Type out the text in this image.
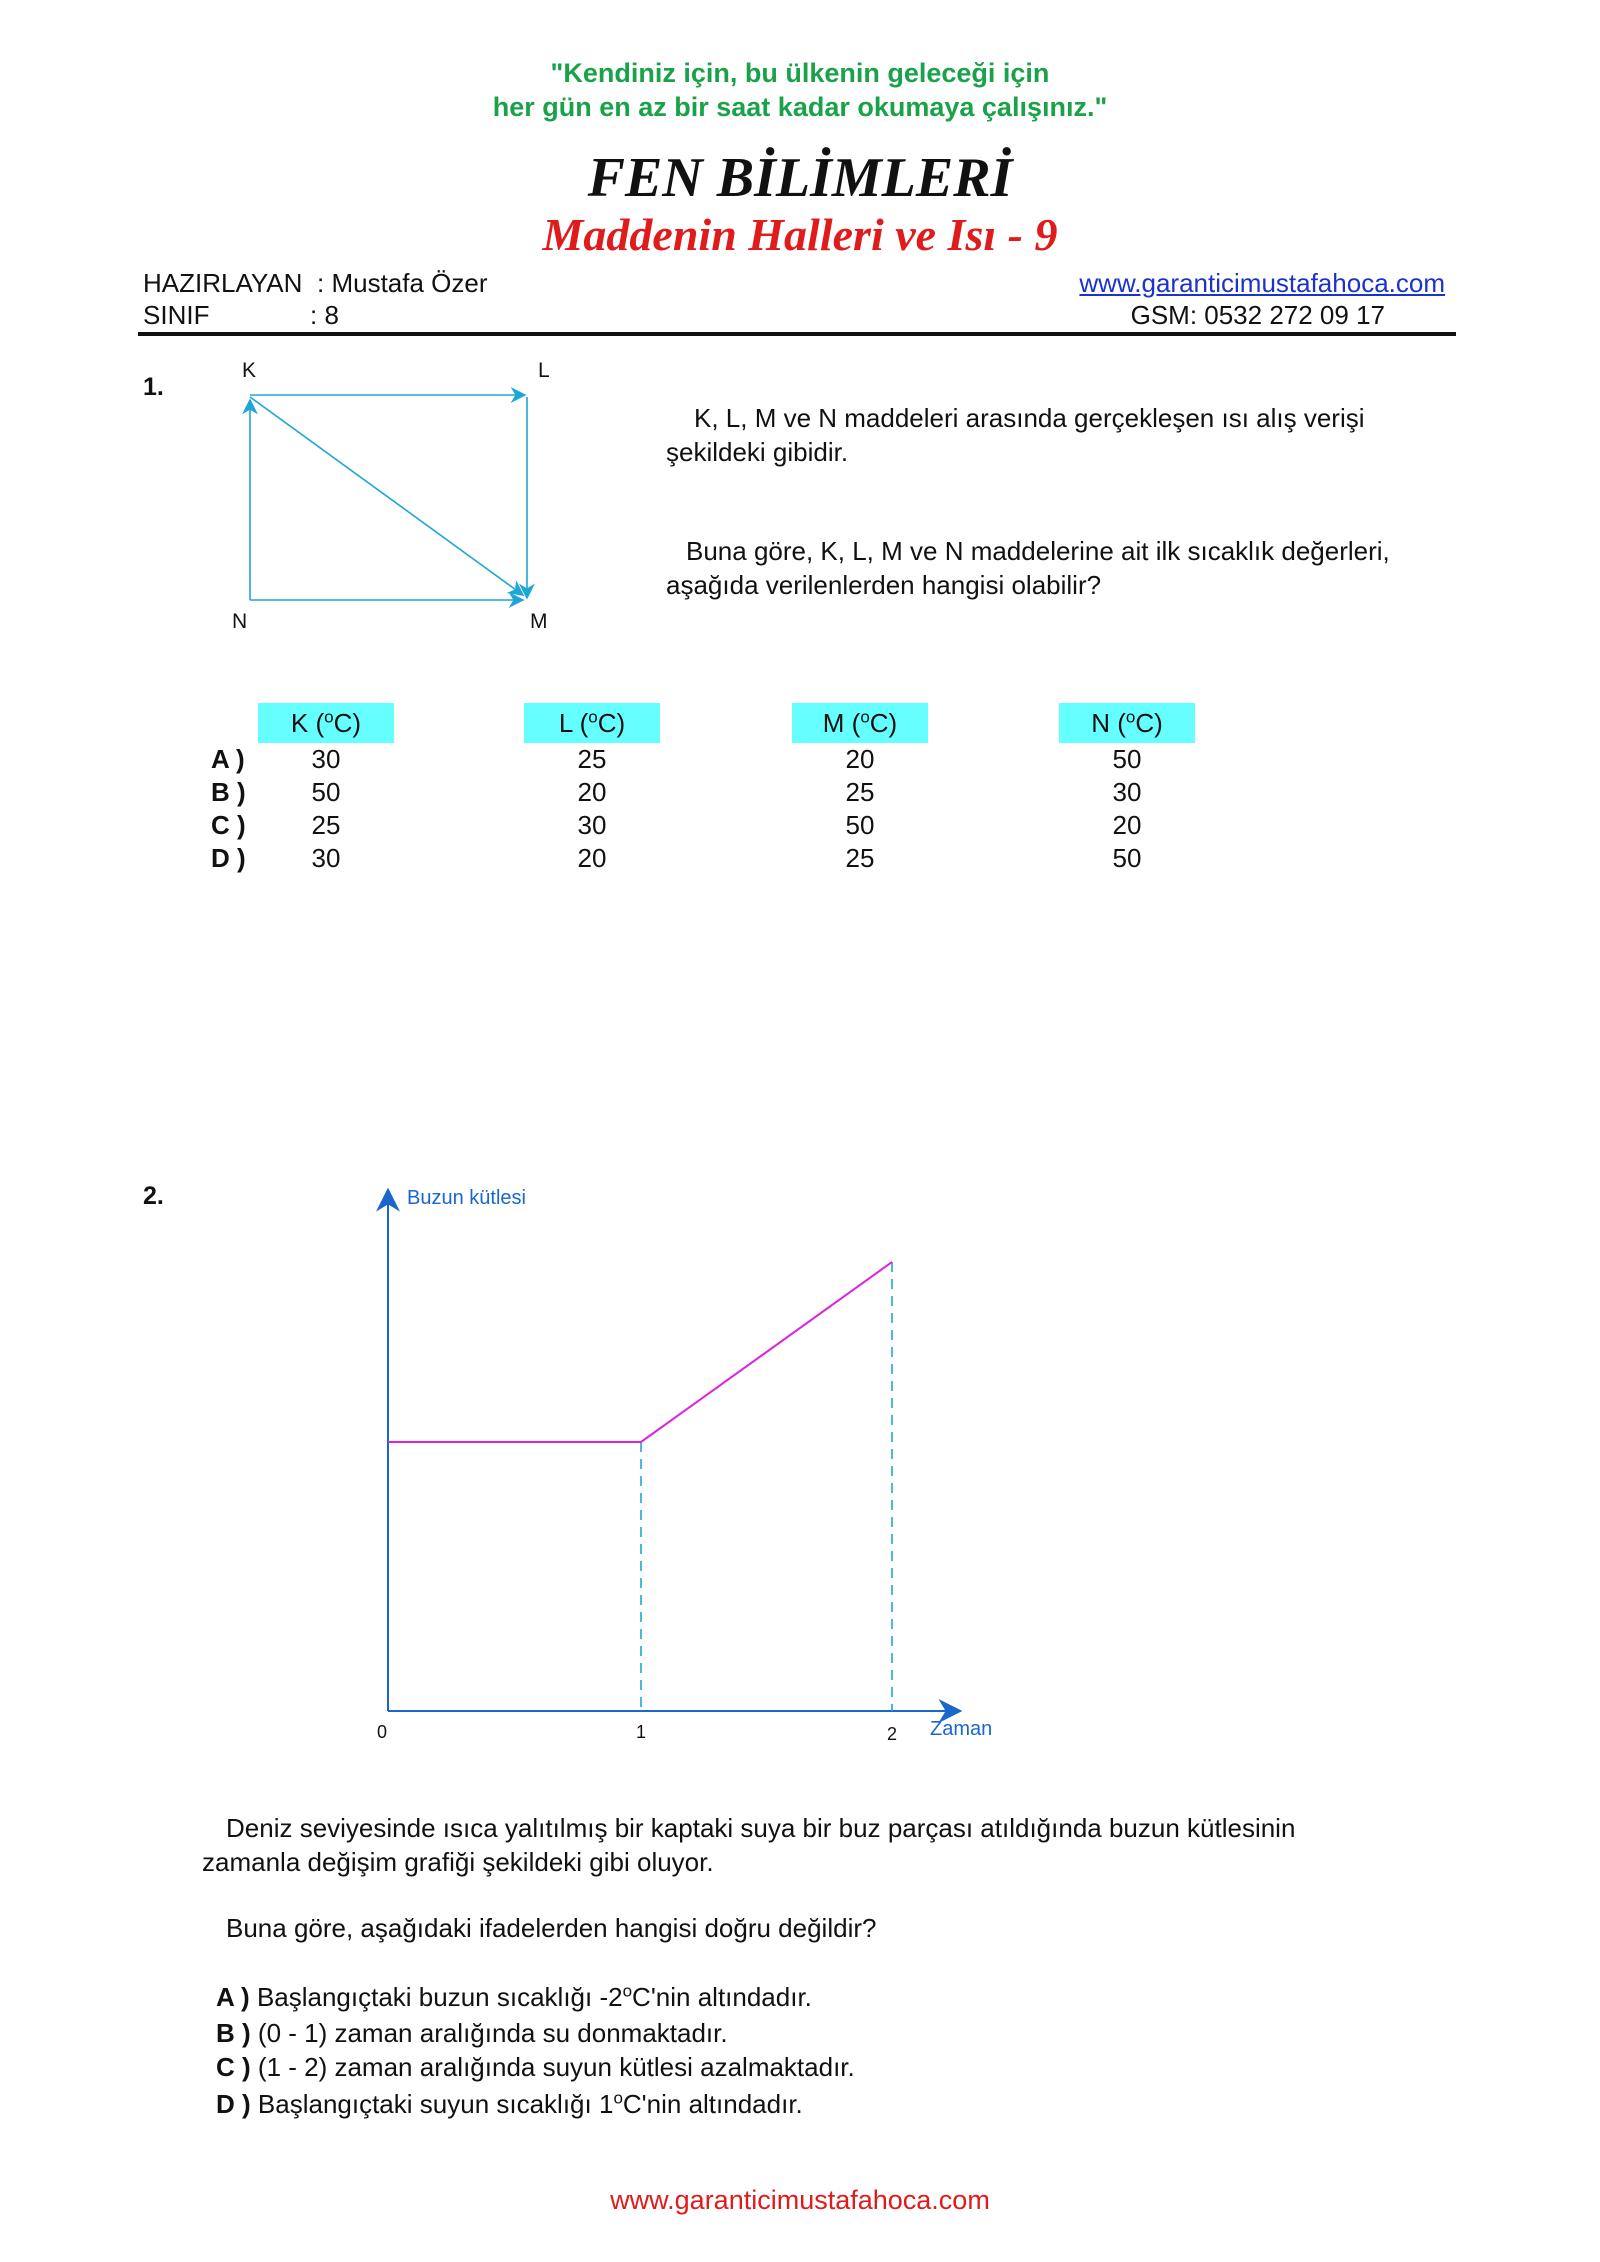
"Kendiniz için, bu ülkenin geleceği için
her gün en az bir saat kadar okumaya çalışınız."
FEN BİLİMLERİ
Maddenin Halleri ve Isı - 9
HAZIRLAYAN : Mustafa Özer
SINIF	: 8
www.garanticimustafahoca.com
GSM: 0532 272 09 17
1.
K	L
N	M
K, L, M ve N maddeleri arasında gerçekleşen ısı alış verişi şekildeki gibidir.
Buna göre, K, L, M ve N maddelerine ait ilk sıcaklık değerleri, aşağıda verilenlerden hangisi olabilir?
K ($^o$C)	L ($^o$C)	M ($^o$C)	N ($^o$C)
A )	30	25	20	50
B )	50	20	25	30
C )	25	30	50	20
D )	30	20	25	50
2.	Buzun kütlesi
Zaman
0	1	2
Deniz seviyesinde ısıca yalıtılmış bir kaptaki suya bir buz parçası atıldığında buzun kütlesinin zamanla değişim grafiği şekildeki gibi oluyor.
Buna göre, aşağıdaki ifadelerden hangisi doğru değildir?
A ) Başlangıçtaki buzun sıcaklığı -2$^o$C'nin altındadır.
B ) (0 - 1) zaman aralığında su donmaktadır.
C ) (1 - 2) zaman aralığında suyun kütlesi azalmaktadır.
D ) Başlangıçtaki suyun sıcaklığı 1$^o$C'nin altındadır.
www.garanticimustafahoca.com
